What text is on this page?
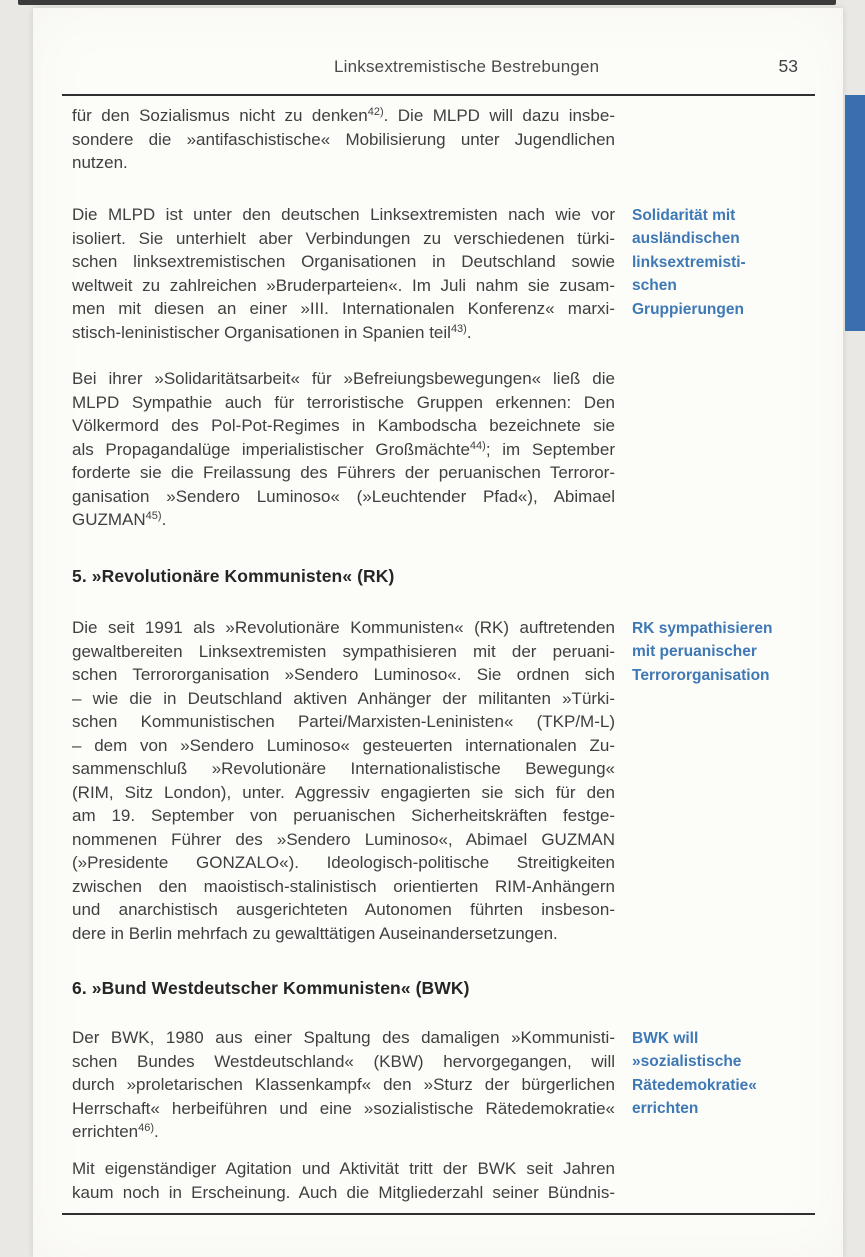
Linksextremistische Bestrebungen	53
für den Sozialismus nicht zu denken$^{42)}$. Die MLPD will dazu insbe-
sondere die »antifaschistische« Mobilisierung unter Jugendlichen
nutzen.
Die MLPD ist unter den deutschen Linksextremisten nach wie vor
isoliert. Sie unterhielt aber Verbindungen zu verschiedenen türki-
schen linksextremistischen Organisationen in Deutschland sowie
weltweit zu zahlreichen »Bruderparteien«. Im Juli nahm sie zusam-
men mit diesen an einer »III. Internationalen Konferenz« marxi-
stisch-leninistischer Organisationen in Spanien teil$^{43)}$.
Solidarität mit
ausländischen
linksextremisti-
schen
Gruppierungen
Bei ihrer »Solidaritätsarbeit« für »Befreiungsbewegungen« ließ die
MLPD Sympathie auch für terroristische Gruppen erkennen: Den
Völkermord des Pol-Pot-Regimes in Kambodscha bezeichnete sie
als Propagandalüge imperialistischer Großmächte$^{44)}$; im September
forderte sie die Freilassung des Führers der peruanischen Terroror-
ganisation »Sendero Luminoso« (»Leuchtender Pfad«), Abimael
GUZMAN$^{45)}$.
5. »Revolutionäre Kommunisten« (RK)
Die seit 1991 als »Revolutionäre Kommunisten« (RK) auftretenden
gewaltbereiten Linksextremisten sympathisieren mit der peruani-
schen Terrororganisation »Sendero Luminoso«. Sie ordnen sich
– wie die in Deutschland aktiven Anhänger der militanten »Türki-
schen Kommunistischen Partei/Marxisten-Leninisten« (TKP/M-L)
– dem von »Sendero Luminoso« gesteuerten internationalen Zu-
sammenschluß »Revolutionäre Internationalistische Bewegung«
(RIM, Sitz London), unter. Aggressiv engagierten sie sich für den
am 19. September von peruanischen Sicherheitskräften festge-
nommenen Führer des »Sendero Luminoso«, Abimael GUZMAN
(»Presidente GONZALO«). Ideologisch-politische Streitigkeiten
zwischen den maoistisch-stalinistisch orientierten RIM-Anhängern
und anarchistisch ausgerichteten Autonomen führten insbeson-
dere in Berlin mehrfach zu gewalttätigen Auseinandersetzungen.
RK sympathisieren
mit peruanischer
Terrororganisation
6. »Bund Westdeutscher Kommunisten« (BWK)
Der BWK, 1980 aus einer Spaltung des damaligen »Kommunisti-
schen Bundes Westdeutschland« (KBW) hervorgegangen, will
durch »proletarischen Klassenkampf« den »Sturz der bürgerlichen
Herrschaft« herbeiführen und eine »sozialistische Rätedemokratie«
errichten$^{46)}$.
BWK will
»sozialistische
Rätedemokratie«
errichten
Mit eigenständiger Agitation und Aktivität tritt der BWK seit Jahren
kaum noch in Erscheinung. Auch die Mitgliederzahl seiner Bündnis-
